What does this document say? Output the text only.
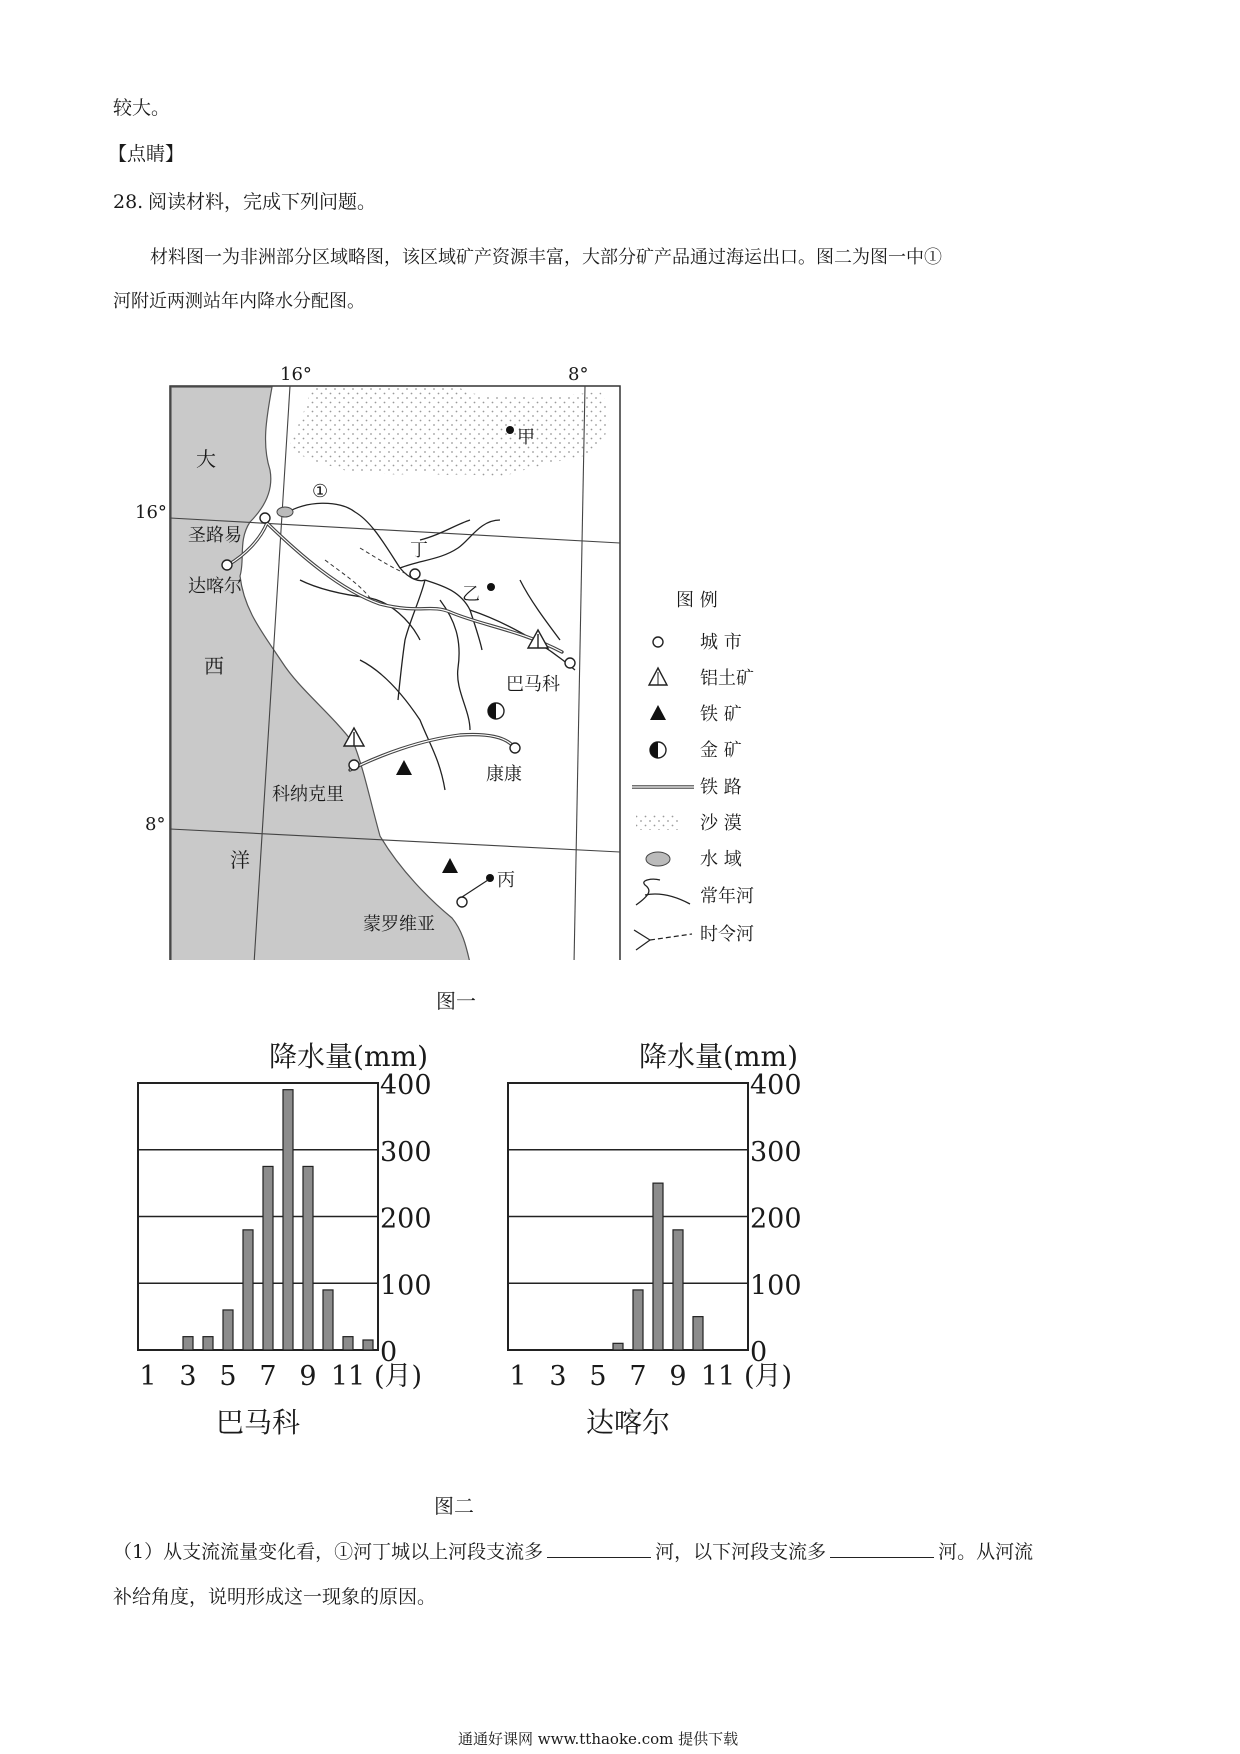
较大。
【点睛】
28. 阅读材料，完成下列问题。
材料图一为非洲部分区域略图，该区域矿产资源丰富，大部分矿产品通过海运出口。图二为图一中①
河附近两测站年内降水分配图。
16°	8°
16°
8°
大
西
洋
①
甲
乙
丁
丙
圣路易
达喀尔
巴马科
科纳克里
康康
蒙罗维亚
图 例
城 市
铝土矿
铁 矿
金 矿
铁 路
沙 漠
水 域
常年河
时令河
图一
400
300
200
100
0
1 3 5 7 9 11 (月)
降水量(mm)
巴马科
400
300
200
100
0
1 3 5 7 9 11 (月)
降水量(mm)
达喀尔
图二
（1）从支流流量变化看，①河丁城以上河段支流多	河，以下河段支流多	河。从河流
补给角度，说明形成这一现象的原因。
通通好课网 www.tthaoke.com 提供下载
